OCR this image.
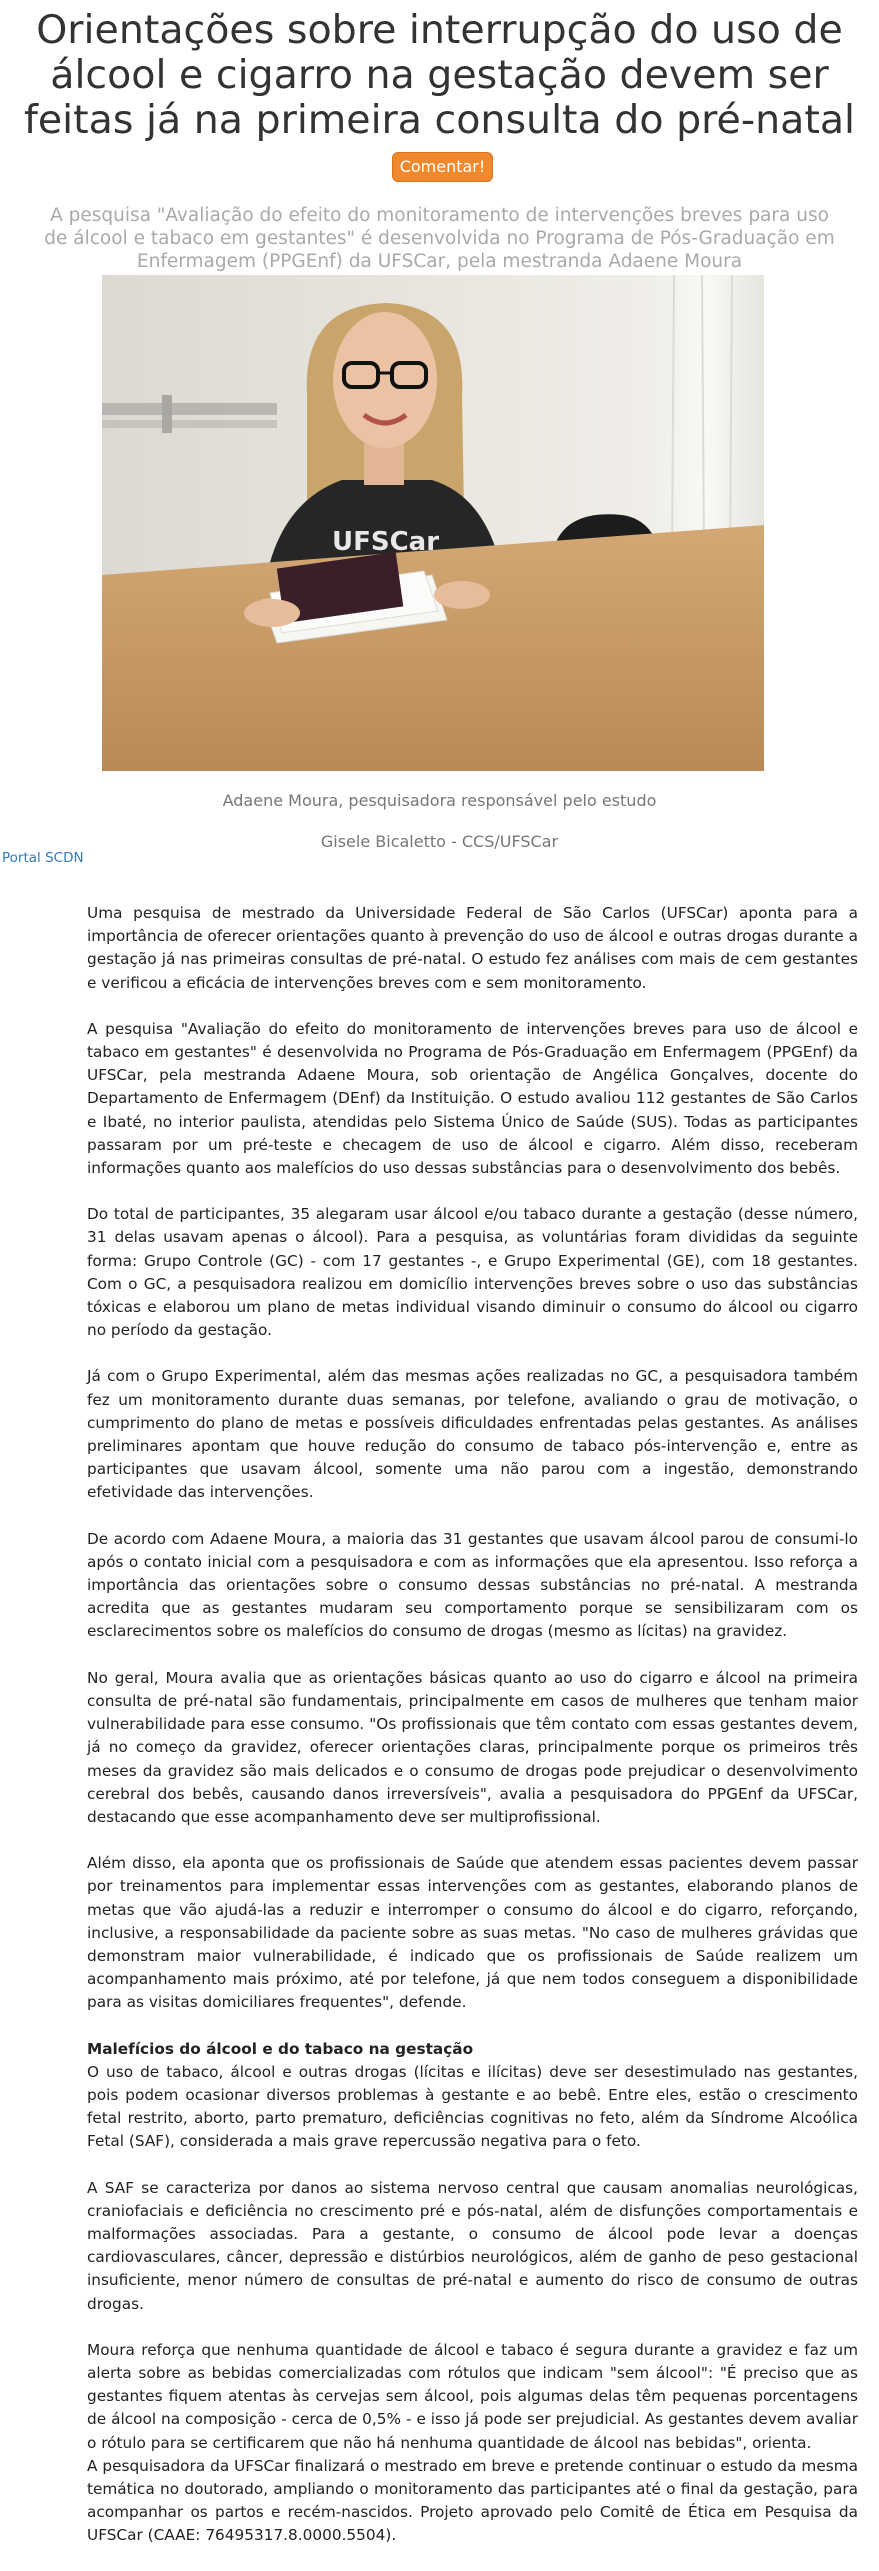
Orientações sobre interrupção do uso de álcool e cigarro na gestação devem ser feitas já na primeira consulta do pré-natal Comentar!
A pesquisa "Avaliação do efeito do monitoramento de intervenções breves para uso de álcool e tabaco em gestantes" é desenvolvida no Programa de Pós-Graduação em Enfermagem (PPGEnf) da UFSCar, pela mestranda Adaene Moura
UFSCar
Adaene Moura, pesquisadora responsável pelo estudo
Gisele Bicaletto - CCS/UFSCar
Portal SCDN

Uma pesquisa de mestrado da Universidade Federal de São Carlos (UFSCar) aponta para a importância de oferecer orientações quanto à prevenção do uso de álcool e outras drogas durante a gestação já nas primeiras consultas de pré-natal. O estudo fez análises com mais de cem gestantes e verificou a eficácia de intervenções breves com e sem monitoramento.

A pesquisa "Avaliação do efeito do monitoramento de intervenções breves para uso de álcool e tabaco em gestantes" é desenvolvida no Programa de Pós-Graduação em Enfermagem (PPGEnf) da UFSCar, pela mestranda Adaene Moura, sob orientação de Angélica Gonçalves, docente do Departamento de Enfermagem (DEnf) da Instituição. O estudo avaliou 112 gestantes de São Carlos e Ibaté, no interior paulista, atendidas pelo Sistema Único de Saúde (SUS). Todas as participantes passaram por um pré-teste e checagem de uso de álcool e cigarro. Além disso, receberam informações quanto aos malefícios do uso dessas substâncias para o desenvolvimento dos bebês.

Do total de participantes, 35 alegaram usar álcool e/ou tabaco durante a gestação (desse número, 31 delas usavam apenas o álcool). Para a pesquisa, as voluntárias foram divididas da seguinte forma: Grupo Controle (GC) - com 17 gestantes -, e Grupo Experimental (GE), com 18 gestantes. Com o GC, a pesquisadora realizou em domicílio intervenções breves sobre o uso das substâncias tóxicas e elaborou um plano de metas individual visando diminuir o consumo do álcool ou cigarro no período da gestação.

Já com o Grupo Experimental, além das mesmas ações realizadas no GC, a pesquisadora também fez um monitoramento durante duas semanas, por telefone, avaliando o grau de motivação, o cumprimento do plano de metas e possíveis dificuldades enfrentadas pelas gestantes. As análises preliminares apontam que houve redução do consumo de tabaco pós-intervenção e, entre as participantes que usavam álcool, somente uma não parou com a ingestão, demonstrando efetividade das intervenções.

De acordo com Adaene Moura, a maioria das 31 gestantes que usavam álcool parou de consumi-lo após o contato inicial com a pesquisadora e com as informações que ela apresentou. Isso reforça a importância das orientações sobre o consumo dessas substâncias no pré-natal. A mestranda acredita que as gestantes mudaram seu comportamento porque se sensibilizaram com os esclarecimentos sobre os malefícios do consumo de drogas (mesmo as lícitas) na gravidez.

No geral, Moura avalia que as orientações básicas quanto ao uso do cigarro e álcool na primeira consulta de pré-natal são fundamentais, principalmente em casos de mulheres que tenham maior vulnerabilidade para esse consumo. "Os profissionais que têm contato com essas gestantes devem, já no começo da gravidez, oferecer orientações claras, principalmente porque os primeiros três meses da gravidez são mais delicados e o consumo de drogas pode prejudicar o desenvolvimento cerebral dos bebês, causando danos irreversíveis", avalia a pesquisadora do PPGEnf da UFSCar, destacando que esse acompanhamento deve ser multiprofissional.

Além disso, ela aponta que os profissionais de Saúde que atendem essas pacientes devem passar por treinamentos para implementar essas intervenções com as gestantes, elaborando planos de metas que vão ajudá-las a reduzir e interromper o consumo do álcool e do cigarro, reforçando, inclusive, a responsabilidade da paciente sobre as suas metas. "No caso de mulheres grávidas que demonstram maior vulnerabilidade, é indicado que os profissionais de Saúde realizem um acompanhamento mais próximo, até por telefone, já que nem todos conseguem a disponibilidade para as visitas domiciliares frequentes", defende.

Malefícios do álcool e do tabaco na gestação

O uso de tabaco, álcool e outras drogas (lícitas e ilícitas) deve ser desestimulado nas gestantes, pois podem ocasionar diversos problemas à gestante e ao bebê. Entre eles, estão o crescimento fetal restrito, aborto, parto prematuro, deficiências cognitivas no feto, além da Síndrome Alcoólica Fetal (SAF), considerada a mais grave repercussão negativa para o feto.

A SAF se caracteriza por danos ao sistema nervoso central que causam anomalias neurológicas, craniofaciais e deficiência no crescimento pré e pós-natal, além de disfunções comportamentais e malformações associadas. Para a gestante, o consumo de álcool pode levar a doenças cardiovasculares, câncer, depressão e distúrbios neurológicos, além de ganho de peso gestacional insuficiente, menor número de consultas de pré-natal e aumento do risco de consumo de outras drogas.

Moura reforça que nenhuma quantidade de álcool e tabaco é segura durante a gravidez e faz um alerta sobre as bebidas comercializadas com rótulos que indicam "sem álcool": "É preciso que as gestantes fiquem atentas às cervejas sem álcool, pois algumas delas têm pequenas porcentagens de álcool na composição - cerca de 0,5% - e isso já pode ser prejudicial. As gestantes devem avaliar o rótulo para se certificarem que não há nenhuma quantidade de álcool nas bebidas", orienta.

A pesquisadora da UFSCar finalizará o mestrado em breve e pretende continuar o estudo da mesma temática no doutorado, ampliando o monitoramento das participantes até o final da gestação, para acompanhar os partos e recém-nascidos. Projeto aprovado pelo Comitê de Ética em Pesquisa da UFSCar (CAAE: 76495317.8.0000.5504).
